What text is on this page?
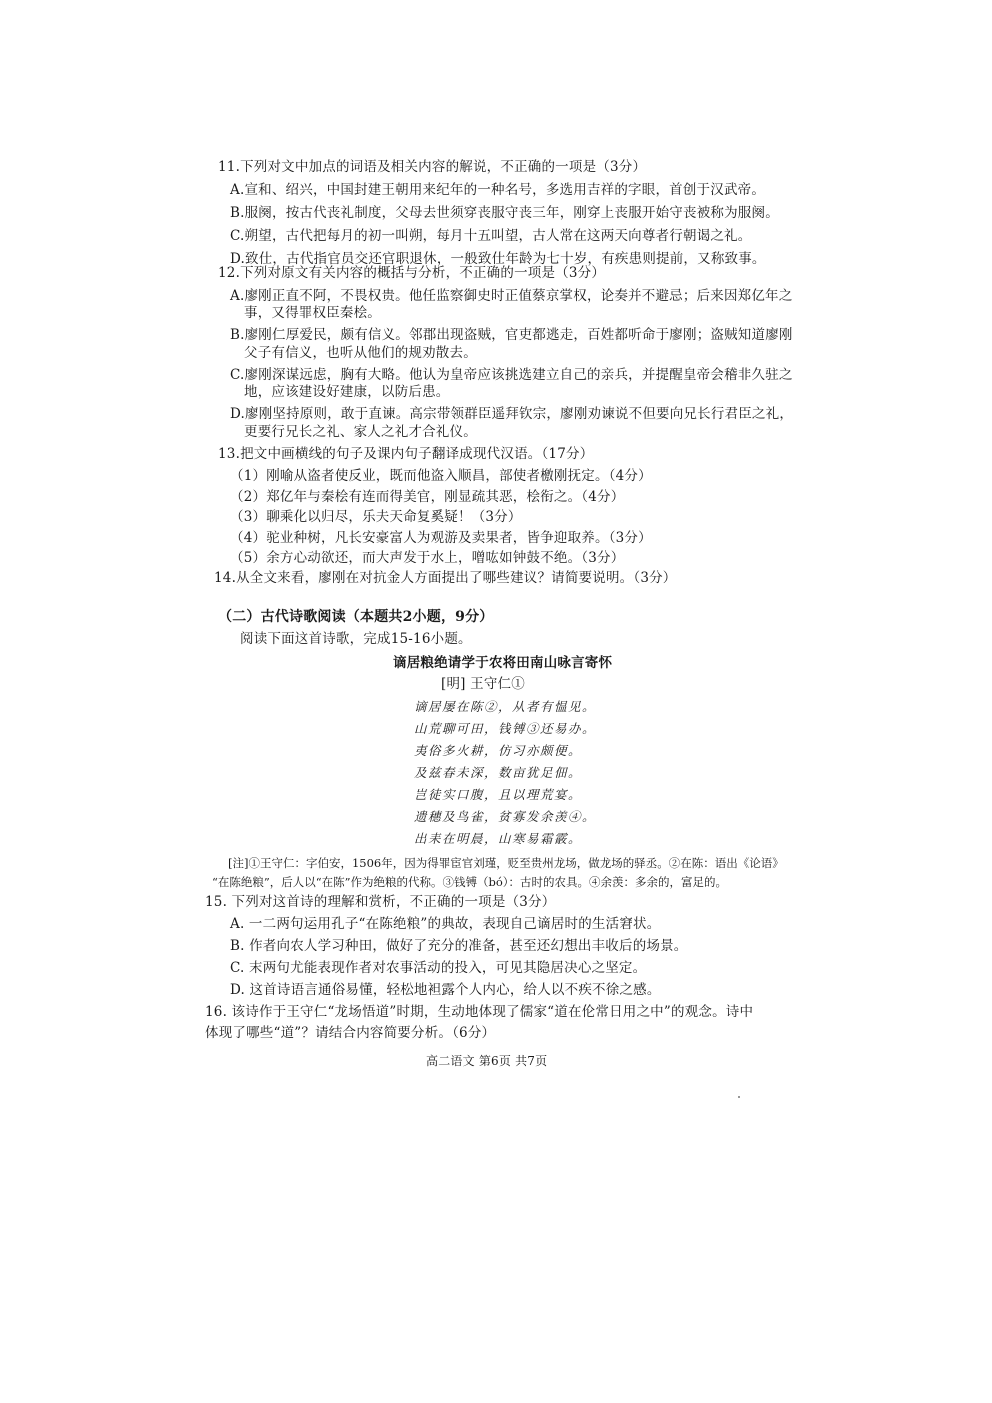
11.下列对文中加点的词语及相关内容的解说，不正确的一项是（3分）
A.宣和、绍兴，中国封建王朝用来纪年的一种名号，多选用吉祥的字眼，首创于汉武帝。
B.服阕，按古代丧礼制度，父母去世须穿丧服守丧三年，刚穿上丧服开始守丧被称为服阕。
C.朔望，古代把每月的初一叫朔，每月十五叫望，古人常在这两天向尊者行朝谒之礼。
D.致仕，古代指官员交还官职退休，一般致仕年龄为七十岁，有疾患则提前，又称致事。
12.下列对原文有关内容的概括与分析，不正确的一项是（3分）
A.廖刚正直不阿，不畏权贵。他任监察御史时正值蔡京掌权，论奏并不避忌；后来因郑亿年之
事，又得罪权臣秦桧。
B.廖刚仁厚爱民，颇有信义。邻郡出现盗贼，官吏都逃走，百姓都听命于廖刚；盗贼知道廖刚
父子有信义，也听从他们的规劝散去。
C.廖刚深谋远虑，胸有大略。他认为皇帝应该挑选建立自己的亲兵，并提醒皇帝会稽非久驻之
地，应该建设好建康，以防后患。
D.廖刚坚持原则，敢于直谏。高宗带领群臣遥拜钦宗，廖刚劝谏说不但要向兄长行君臣之礼，
更要行兄长之礼、家人之礼才合礼仪。
13.把文中画横线的句子及课内句子翻译成现代汉语。（17分）
（1）刚喻从盗者使反业，既而他盗入顺昌，部使者檄刚抚定。（4分）
（2）郑亿年与秦桧有连而得美官，刚显疏其恶，桧衔之。（4分）
（3）聊乘化以归尽，乐夫天命复奚疑！（3分）
（4）驼业种树，凡长安豪富人为观游及卖果者，皆争迎取养。（3分）
（5）余方心动欲还，而大声发于水上，噌吰如钟鼓不绝。（3分）
14.从全文来看，廖刚在对抗金人方面提出了哪些建议？请简要说明。（3分）
（二）古代诗歌阅读（本题共2小题，9分）
阅读下面这首诗歌，完成15-16小题。
谪居粮绝请学于农将田南山咏言寄怀
[明] 王守仁①
谪居屡在陈②，从者有愠见。
山荒聊可田，钱镈③还易办。
夷俗多火耕，仿习亦颇便。
及兹春未深，数亩犹足佃。
岂徒实口腹，且以理荒宴。
遗穗及鸟雀，贫寡发余羡④。
出耒在明晨，山寒易霜霰。
[注]①王守仁：字伯安，1506年，因为得罪宦官刘瑾，贬至贵州龙场，做龙场的驿丞。②在陈：语出《论语》
“在陈绝粮”，后人以“在陈”作为绝粮的代称。③钱镈（bó）：古时的农具。④余羡：多余的，富足的。
15. 下列对这首诗的理解和赏析，不正确的一项是（3分）
A. 一二两句运用孔子“在陈绝粮”的典故，表现自己谪居时的生活窘状。
B. 作者向农人学习种田，做好了充分的准备，甚至还幻想出丰收后的场景。
C. 末两句尤能表现作者对农事活动的投入，可见其隐居决心之坚定。
D. 这首诗语言通俗易懂，轻松地袒露个人内心，给人以不疾不徐之感。
16. 该诗作于王守仁“龙场悟道”时期，生动地体现了儒家“道在伦常日用之中”的观念。诗中
体现了哪些“道”？请结合内容简要分析。（6分）
高二语文 第6页 共7页
